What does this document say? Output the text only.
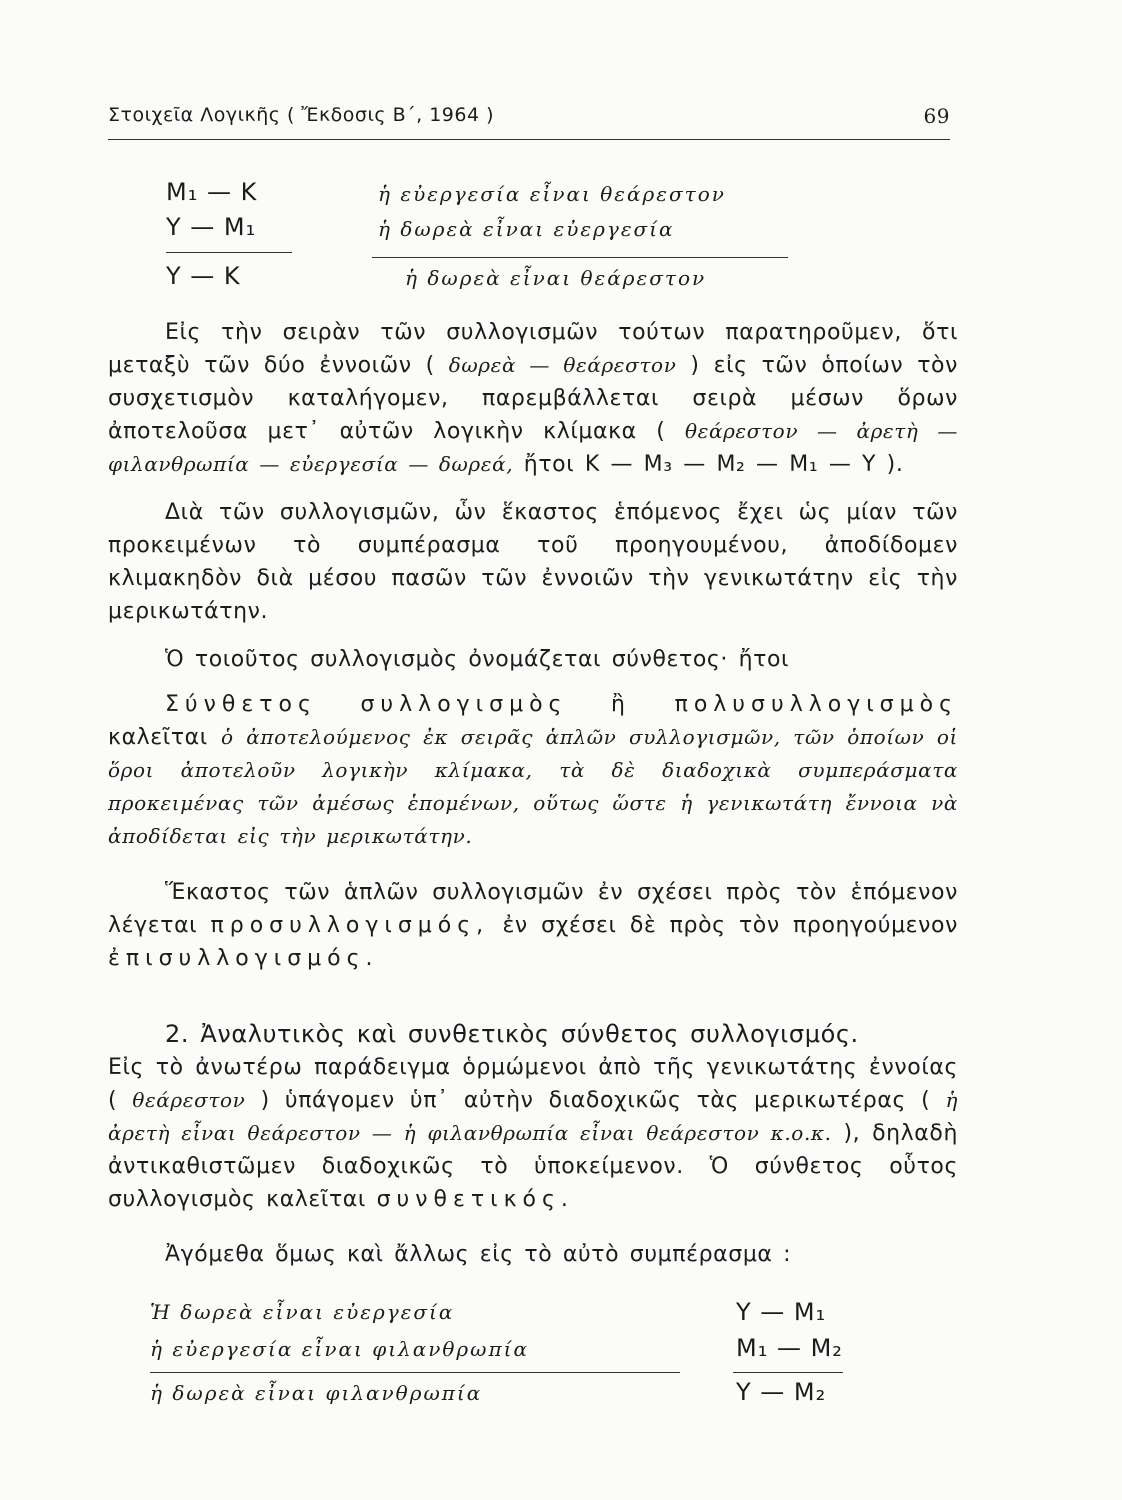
Στοιχεῖα Λογικῆς ( Ἔκδοσις Β΄, 1964 )	69
Μ₁ — Κ	ἡ εὐεργεσία εἶναι θεάρεστον
Υ — Μ₁	ἡ δωρεὰ εἶναι εὐεργεσία
Υ — Κ	ἡ δωρεὰ εἶναι θεάρεστον

Εἰς τὴν σειρὰν τῶν συλλογισμῶν τούτων παρατηροῦμεν, ὅτι μεταξὺ τῶν δύο ἐννοιῶν ( δωρεὰ — θεάρεστον ) εἰς τῶν ὁποίων τὸν συσχετισμὸν καταλήγομεν, παρεμβάλλεται σειρὰ μέσων ὅρων ἀποτελοῦσα μετ᾽ αὐτῶν λογικὴν κλίμακα ( θεάρεστον — ἀρετὴ — φιλανθρωπία — εὐεργεσία — δωρεά, ἤτοι Κ — Μ₃ — Μ₂ — Μ₁ — Υ ).

Διὰ τῶν συλλογισμῶν, ὧν ἕκαστος ἑπόμενος ἔχει ὡς μίαν τῶν προκειμένων τὸ συμπέρασμα τοῦ προηγουμένου, ἀποδίδομεν κλιμακηδὸν διὰ μέσου πασῶν τῶν ἐννοιῶν τὴν γενικωτάτην εἰς τὴν μερικωτάτην.

Ὁ τοιοῦτος συλλογισμὸς ὀνομάζεται σύνθετος· ἤτοι

Σύνθετος συλλογισμὸς ἢ πολυσυλλογισμὸς καλεῖται ὁ ἀποτελούμενος ἐκ σειρᾶς ἁπλῶν συλλογισμῶν, τῶν ὁποίων οἱ ὅροι ἀποτελοῦν λογικὴν κλίμακα, τὰ δὲ διαδοχικὰ συμπεράσματα προκειμένας τῶν ἀμέσως ἑπομένων, οὕτως ὥστε ἡ γενικωτάτη ἔννοια νὰ ἀποδίδεται εἰς τὴν μερικωτάτην.

Ἕκαστος τῶν ἁπλῶν συλλογισμῶν ἐν σχέσει πρὸς τὸν ἑπόμενον λέγεται προσυλλογισμός, ἐν σχέσει δὲ πρὸς τὸν προηγούμενον ἐπισυλλογισμός.

2. Ἀναλυτικὸς καὶ συνθετικὸς σύνθετος συλλογισμός.

Εἰς τὸ ἀνωτέρω παράδειγμα ὁρμώμενοι ἀπὸ τῆς γενικωτάτης ἐννοίας ( θεάρεστον ) ὑπάγομεν ὑπ᾽ αὐτὴν διαδοχικῶς τὰς μερικωτέρας ( ἡ ἀρετὴ εἶναι θεάρεστον — ἡ φιλανθρωπία εἶναι θεάρεστον κ.ο.κ. ), δηλαδὴ ἀντικαθιστῶμεν διαδοχικῶς τὸ ὑποκείμενον. Ὁ σύνθετος οὗτος συλλογισμὸς καλεῖται συνθετικός.

Ἀγόμεθα ὅμως καὶ ἄλλως εἰς τὸ αὐτὸ συμπέρασμα :

Ἡ δωρεὰ εἶναι εὐεργεσία	Υ — Μ₁
ἡ εὐεργεσία εἶναι φιλανθρωπία	Μ₁ — Μ₂
ἡ δωρεὰ εἶναι φιλανθρωπία	Υ — Μ₂
